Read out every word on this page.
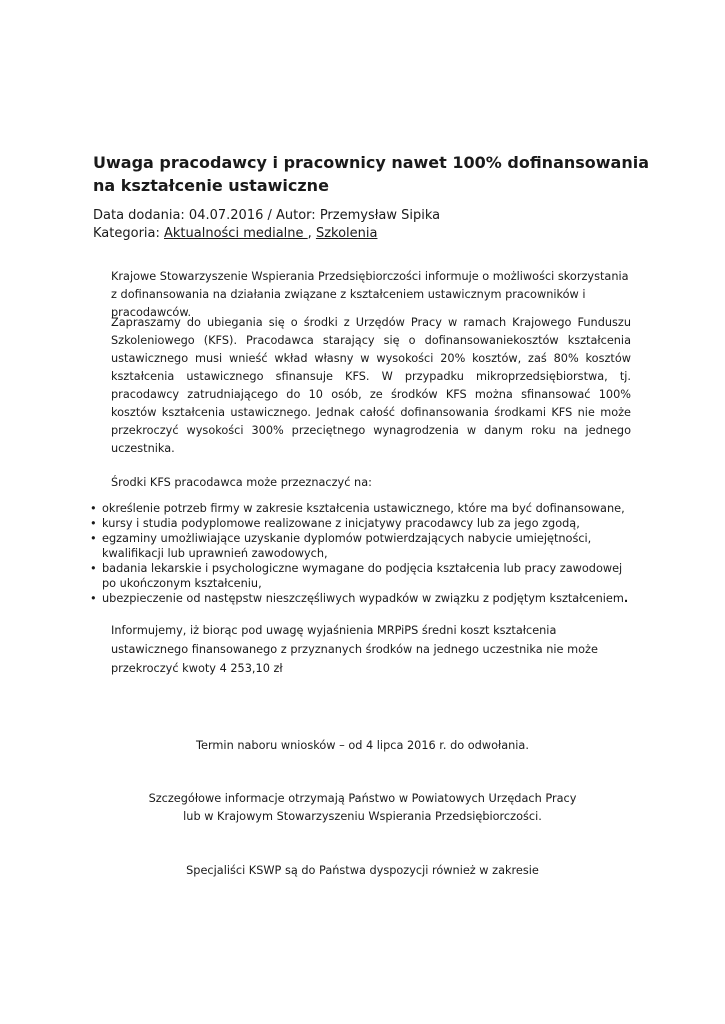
Uwaga pracodawcy i pracownicy nawet 100% dofinansowania na kształcenie ustawiczne
Data dodania: 04.07.2016 / Autor: Przemysław Sipika
Kategoria: Aktualności medialne , Szkolenia

Krajowe Stowarzyszenie Wspierania Przedsiębiorczości informuje o możliwości skorzystania z dofinansowania na działania związane z kształceniem ustawicznym pracowników i pracodawców.

Zapraszamy do ubiegania się o środki z Urzędów Pracy w ramach Krajowego Funduszu Szkoleniowego (KFS). Pracodawca starający się o dofinansowaniekosztów kształcenia ustawicznego musi wnieść wkład własny w wysokości 20% kosztów, zaś 80% kosztów kształcenia ustawicznego sfinansuje KFS. W przypadku mikroprzedsiębiorstwa, tj. pracodawcy zatrudniającego do 10 osób, ze środków KFS można sfinansować 100% kosztów kształcenia ustawicznego. Jednak całość dofinansowania środkami KFS nie może przekroczyć wysokości 300% przeciętnego wynagrodzenia w danym roku na jednego uczestnika.

Środki KFS pracodawca może przeznaczyć na:

• określenie potrzeb firmy w zakresie kształcenia ustawicznego, które ma być dofinansowane,
• kursy i studia podyplomowe realizowane z inicjatywy pracodawcy lub za jego zgodą,
• egzaminy umożliwiające uzyskanie dyplomów potwierdzających nabycie umiejętności, kwalifikacji lub uprawnień zawodowych,
• badania lekarskie i psychologiczne wymagane do podjęcia kształcenia lub pracy zawodowej po ukończonym kształceniu,
• ubezpieczenie od następstw nieszczęśliwych wypadków w związku z podjętym kształceniem.

Informujemy, iż biorąc pod uwagę wyjaśnienia MRPiPS średni koszt kształcenia ustawicznego finansowanego z przyznanych środków na jednego uczestnika nie może przekroczyć kwoty 4 253,10 zł

Termin naboru wniosków – od 4 lipca 2016 r. do odwołania.

Szczegółowe informacje otrzymają Państwo w Powiatowych Urzędach Pracy

lub w Krajowym Stowarzyszeniu Wspierania Przedsiębiorczości.

Specjaliści KSWP są do Państwa dyspozycji również w zakresie
